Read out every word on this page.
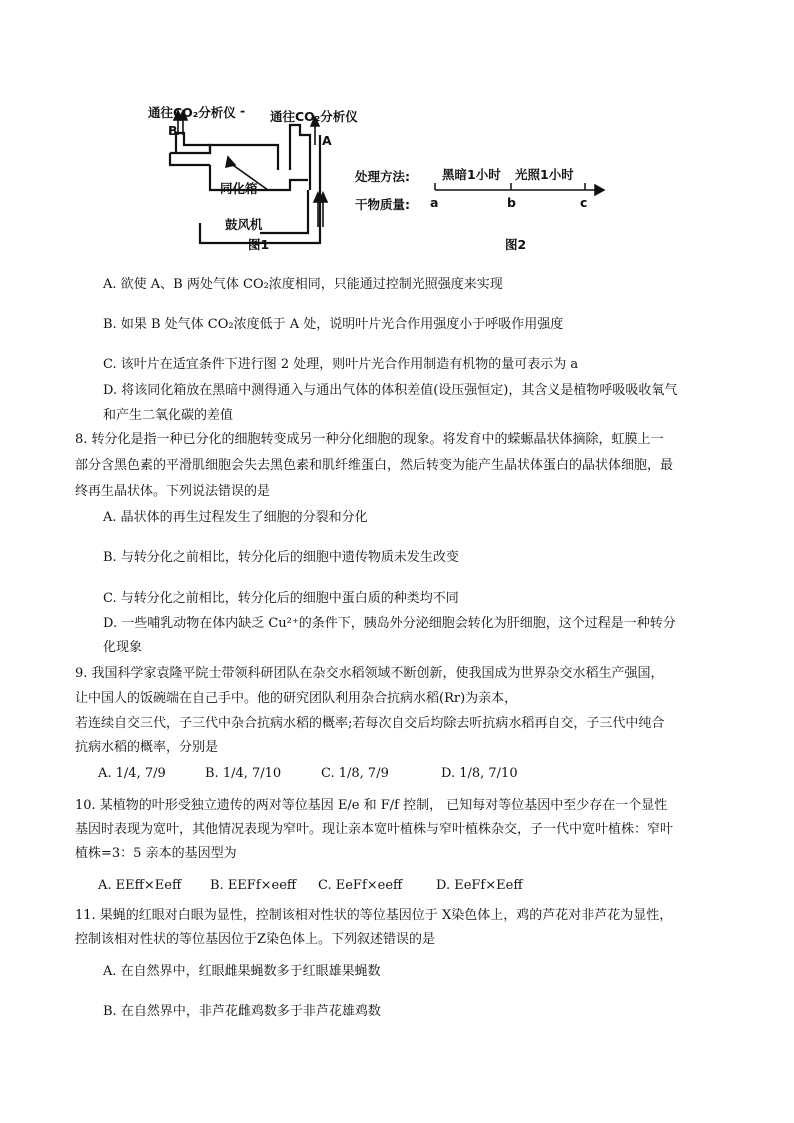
通往CO₂分析仪 - 通往CO₂分析仪
B
A
同化箱
鼓风机
图1
处理方法:	黑暗1小时 光照1小时
干物质量: a	b	c
图2
A. 欲使 A、B 两处气体 CO₂浓度相同，只能通过控制光照强度来实现
B. 如果 B 处气体 CO₂浓度低于 A 处，说明叶片光合作用强度小于呼吸作用强度
C. 该叶片在适宜条件下进行图 2 处理，则叶片光合作用制造有机物的量可表示为 a
D. 将该同化箱放在黑暗中测得通入与通出气体的体积差值(设压强恒定)，其含义是植物呼吸吸收氧气
和产生二氧化碳的差值
8. 转分化是指一种已分化的细胞转变成另一种分化细胞的现象。将发育中的蝾螈晶状体摘除，虹膜上一
部分含黑色素的平滑肌细胞会失去黑色素和肌纤维蛋白，然后转变为能产生晶状体蛋白的晶状体细胞，最
终再生晶状体。下列说法错误的是
A. 晶状体的再生过程发生了细胞的分裂和分化
B. 与转分化之前相比，转分化后的细胞中遗传物质未发生改变
C. 与转分化之前相比，转分化后的细胞中蛋白质的种类均不同
D. 一些哺乳动物在体内缺乏 Cu²⁺的条件下，胰岛外分泌细胞会转化为肝细胞，这个过程是一种转分
化现象
9. 我国科学家袁隆平院士带领科研团队在杂交水稻领域不断创新，使我国成为世界杂交水稻生产强国，
让中国人的饭碗端在自己手中。他的研究团队利用杂合抗病水稻(Rr)为亲本，
若连续自交三代，子三代中杂合抗病水稻的概率;若每次自交后均除去听抗病水稻再自交，子三代中纯合
抗病水稻的概率，分别是
A. 1/4, 7/9	B. 1/4, 7/10	C. 1/8, 7/9	D. 1/8, 7/10
10. 某植物的叶形受独立遗传的两对等位基因 E/e 和 F/f 控制， 已知每对等位基因中至少存在一个显性
基因时表现为宽叶，其他情况表现为窄叶。现让亲本宽叶植株与窄叶植株杂交，子一代中宽叶植株：窄叶
植株=3：5 亲本的基因型为
A. EEff×Eeff B. EEFf×eeff C. EeFf×eeff	D. EeFf×Eeff
11. 果蝇的红眼对白眼为显性，控制该相对性状的等位基因位于 X染色体上，鸡的芦花对非芦花为显性，
控制该相对性状的等位基因位于Z染色体上。下列叙述错误的是
A. 在自然界中，红眼雌果蝇数多于红眼雄果蝇数
B. 在自然界中，非芦花雌鸡数多于非芦花雄鸡数
